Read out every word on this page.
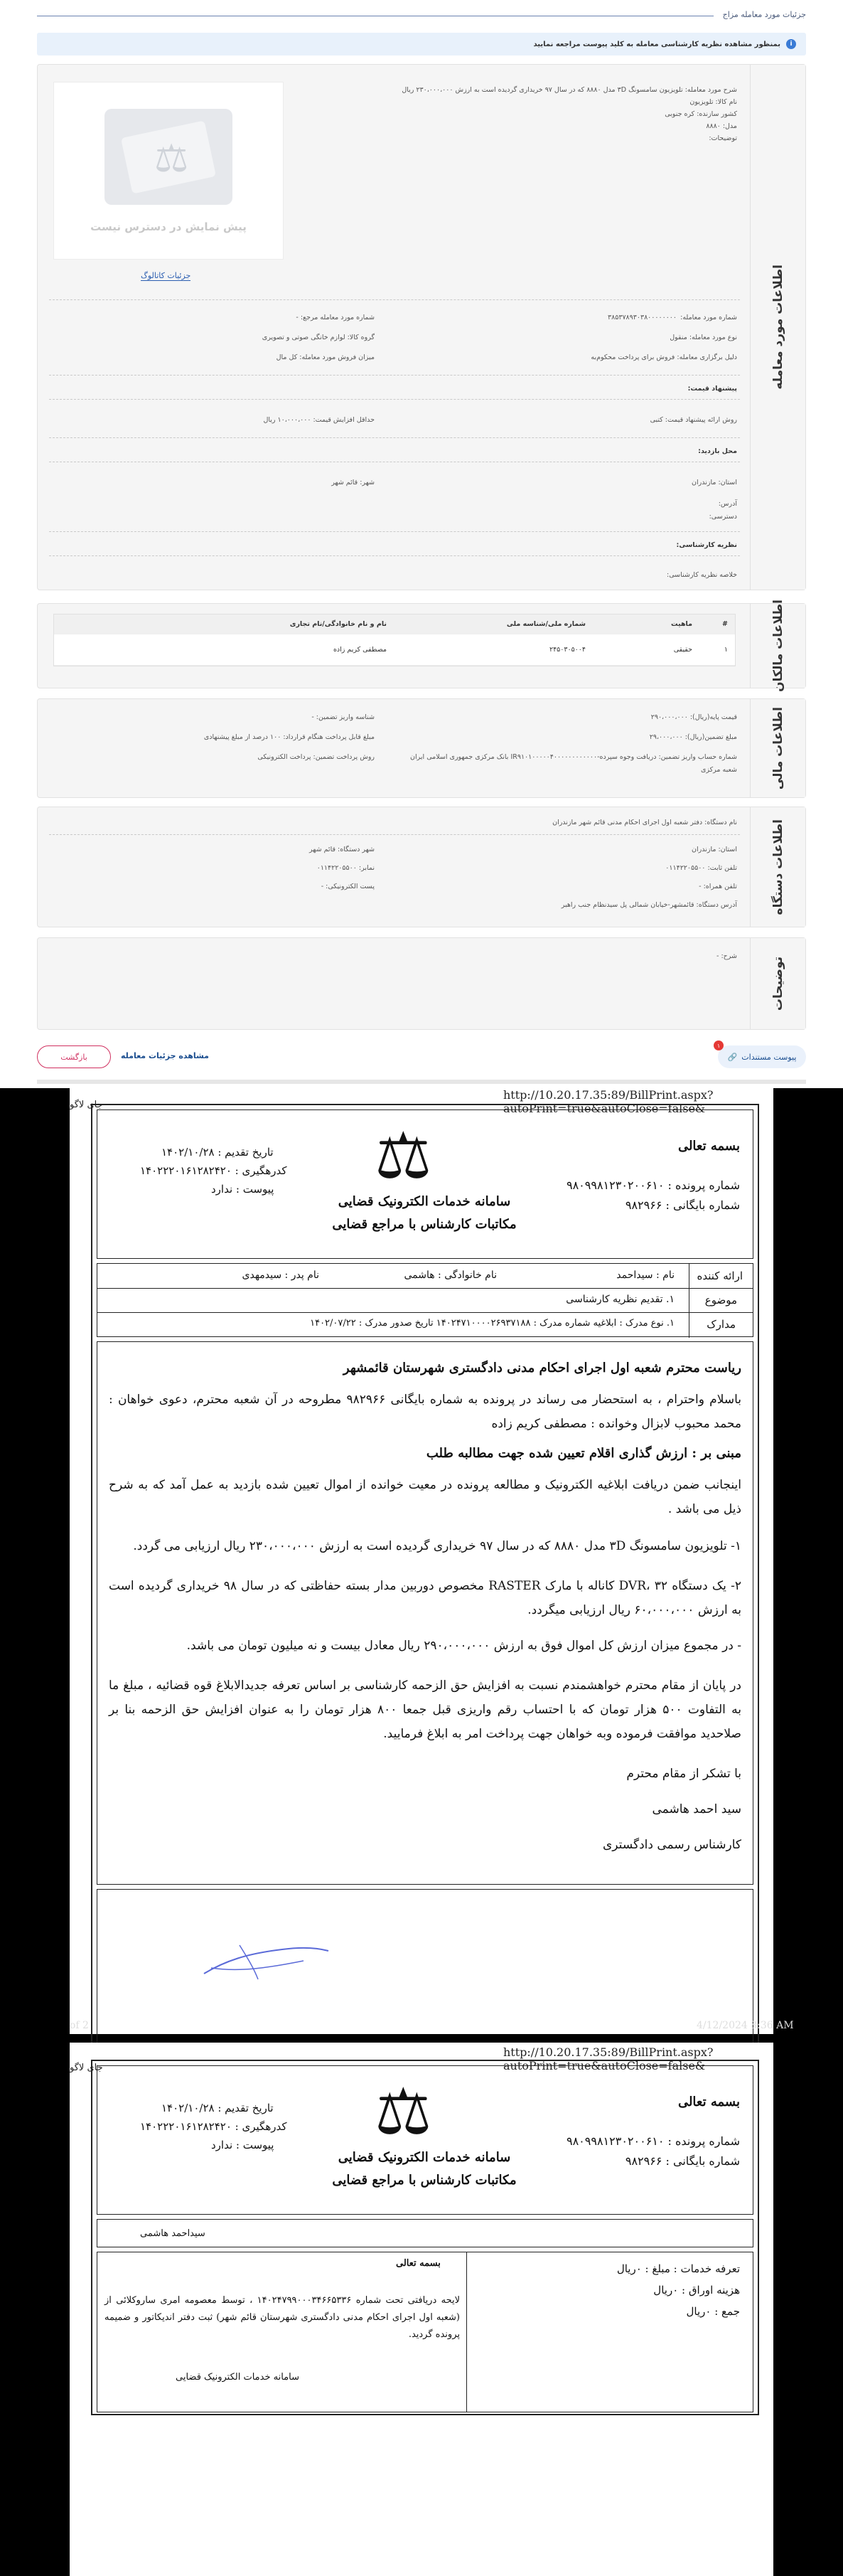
جزئیات مورد معامله مزاج
i
بمنظور مشاهده نظریه کارشناسی معامله به کلید پیوست مراجعه نمایید
اطلاعات مورد معامله
شرح مورد معامله: تلویزیون سامسونگ ۳D مدل ۸۸۸۰ که در سال ۹۷ خریداری گردیده است به ارزش ۲۳۰،۰۰۰،۰۰۰ ریال
نام کالا: تلویزیون
کشور سازنده: کره جنوبی
مدل: ۸۸۸۰
توضیحات:
⚖
پیش نمایش در دسترس نیست
جزئیات کاتالوگ
شماره مورد معامله:
۳۸۵۳۷۸۹۳۰۳۸۰۰۰۰۰۰۰۰
شماره مورد معامله مرجع: -
نوع مورد معامله: منقول
گروه کالا: لوازم خانگی صوتی و تصویری
دلیل برگزاری معامله: فروش برای پرداخت محکوم‌به
میزان فروش مورد معامله: کل مال
پیشنهاد قیمت:
روش ارائه پیشنهاد قیمت: کتبی
حداقل افزایش قیمت: ۱۰،۰۰۰،۰۰۰ ریال
محل بازدید:
استان: مازندران
شهر: قائم شهر
آدرس:
دسترسی:
نظریه کارشناسی:
خلاصه نظریه کارشناسی:
اطلاعات مالکان
#
ماهیت
شماره ملی/شناسه ملی
نام و نام خانوادگی/نام تجاری
۱
حقیقی
۲۴۵۰۳۰۵۰۰۴
مصطفی کریم زاده
اطلاعات مالی
قیمت پایه(ریال): ۲۹۰،۰۰۰،۰۰۰
مبلغ تضمین(ریال): ۲۹،۰۰۰،۰۰۰
شناسه واریز تضمین: -
مبلغ قابل پرداخت هنگام قرارداد: ۱۰۰ درصد از مبلغ پیشنهادی
شماره حساب واریز تضمین: دریافت وجوه سپرده-IR۹۱۰۱۰۰۰۰۰۴۰۰۰۰۰۰۰۰۰۰۰۰ بانک مرکزی جمهوری اسلامی ایران
روش پرداخت تضمین: پرداخت الکترونیکی
شعبه مرکزی
اطلاعات دستگاه
نام دستگاه: دفتر شعبه اول اجرای احکام مدنی قائم شهر مازندران
استان: مازندران
شهر دستگاه: قائم شهر
تلفن ثابت: ۰۱۱۴۲۲۰۵۵۰۰
نمابر: ۰۱۱۴۲۲۰۵۵۰۰
تلفن همراه: -
پست الکترونیکی: -
آدرس دستگاه: قائمشهر-خیابان شمالی پل سیدنظام جنب راهبر
توضیحات
شرح: -
پیوست مستندات
🔗
۱
مشاهده جزئیات معامله
بازگشت
http://10.20.17.35:89/BillPrint.aspx?autoPrint=true&autoClose=false&
جای لاگو
بسمه تعالی
شماره پرونده : ۹۸۰۹۹۸۱۲۳۰۲۰۰۶۱۰
شماره بایگانی : ۹۸۲۹۶۶
⚖
سامانه خدمات الکترونیک قضایی
مکاتبات کارشناس با مراجع قضایی
تاریخ تقدیم : ۱۴۰۲/۱۰/۲۸
کدرهگیری : ۱۴۰۲۲۲۰۱۶۱۲۸۲۴۲۰
پیوست : ندارد
ارائه کننده
نام : سیداحمد
نام خانوادگی : هاشمی
نام پدر : سیدمهدی
موضوع
۱. تقدیم نظریه کارشناسی
مدارک
۱. نوع مدرک : ابلاغیه شماره مدرک : ۱۴۰۲۴۷۱۰۰۰۰۲۶۹۳۷۱۸۸ تاریخ صدور مدرک : ۱۴۰۲/۰۷/۲۲
ریاست محترم شعبه اول اجرای احکام مدنی دادگستری شهرستان قائمشهر
باسلام واحترام ، به استحضار می رساند در پرونده به شماره بایگانی ۹۸۲۹۶۶ مطروحه در آن شعبه محترم، دعوی خواهان : محمد محبوب لابزال وخوانده : مصطفی کریم زاده
مبنی بر : ارزش گذاری اقلام تعیین شده جهت مطالبه طلب
اینجانب ضمن دریافت ابلاغیه الکترونیک و مطالعه پرونده در معیت خوانده از اموال تعیین شده بازدید به عمل آمد که به شرح ذیل می باشد .
۱- تلویزیون سامسونگ ۳D مدل ۸۸۸۰ که در سال ۹۷ خریداری گردیده است به ارزش ۲۳۰،۰۰۰،۰۰۰ ریال ارزیابی می گردد.
۲- یک دستگاه DVR، ۳۲ کاناله با مارک RASTER مخصوص دوربین مدار بسته حفاظتی که در سال ۹۸ خریداری گردیده است به ارزش ۶۰،۰۰۰،۰۰۰ ریال ارزیابی میگردد.
- در مجموع میزان ارزش کل اموال فوق به ارزش ۲۹۰،۰۰۰،۰۰۰ ریال معادل بیست و نه میلیون تومان می باشد.
در پایان از مقام محترم خواهشمندم نسبت به افزایش حق الزحمه کارشناسی بر اساس تعرفه جدیدالابلاغ قوه قضائیه ، مبلغ ما به التفاوت ۵۰۰ هزار تومان که با احتساب رقم واریزی قبل جمعا ۸۰۰ هزار تومان را به عنوان افزایش حق الزحمه بنا بر صلاحدید موافقت فرموده وبه خواهان جهت پرداخت امر به ابلاغ فرمایید.
با تشکر از مقام محترم
سید احمد هاشمی
کارشناس رسمی دادگستری
of 2	4/12/2024 8:36 AM
http://10.20.17.35:89/BillPrint.aspx?autoPrint=true&autoClose=false&
جای لاگو
بسمه تعالی
شماره پرونده : ۹۸۰۹۹۸۱۲۳۰۲۰۰۶۱۰
شماره بایگانی : ۹۸۲۹۶۶
⚖
سامانه خدمات الکترونیک قضایی
مکاتبات کارشناس با مراجع قضایی
تاریخ تقدیم : ۱۴۰۲/۱۰/۲۸
کدرهگیری : ۱۴۰۲۲۲۰۱۶۱۲۸۲۴۲۰
پیوست : ندارد
سیداحمد هاشمی
تعرفه خدمات : مبلغ : ۰ریال
هزینه اوراق : ۰ریال
جمع : ۰ریال
بسمه تعالی
لایحه دریافتی تحت شماره ۱۴۰۲۴۷۹۹۰۰۰۳۴۶۶۵۳۳۶ ، توسط معصومه امری ساروکلائی از (شعبه اول اجرای احکام مدنی دادگستری شهرستان قائم شهر) ثبت دفتر اندیکاتور و ضمیمه پرونده گردید.
سامانه خدمات الکترونیک قضایی
